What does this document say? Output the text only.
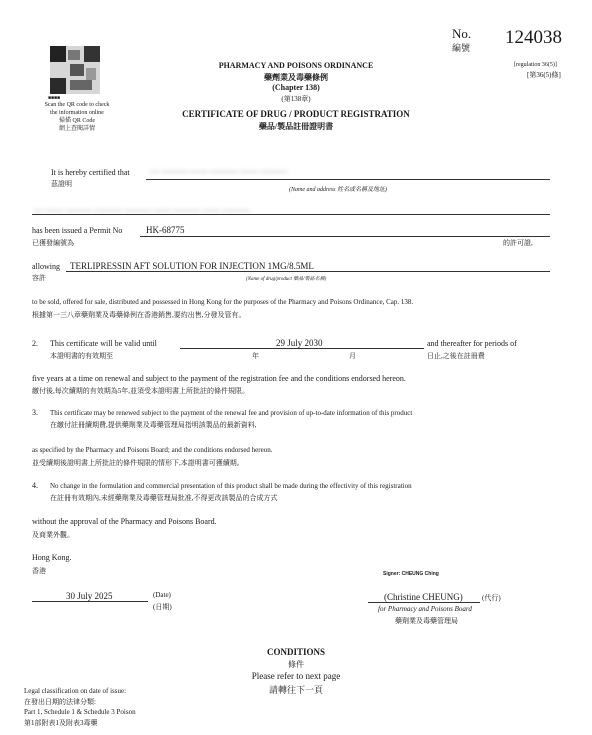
■■■■
Scan the QR code to check
the information online
掃描 QR Code
網上查閱詳情
No.
編號 124038
[regulation 36(5)]
[第36(5)條]
PHARMACY AND POISONS ORDINANCE
藥劑業及毒藥條例
(Chapter 138)
(第138章)
CERTIFICATE OF DRUG / PRODUCT REGISTRATION
藥品/製品註冊證明書
It is hereby certified that
茲證明
— ——— —— ——— —— ———
(Name and address 姓名或名稱及地址)
— —— ——— ——— ——— —— ——— —— ———
has been issued a Permit No	HK-68775
已獲發編號為	的許可證,
allowing
容許
TERLIPRESSIN AFT SOLUTION FOR INJECTION 1MG/8.5ML
(Name of drug/product 藥品/製品名稱)
to be sold, offered for sale, distributed and possessed in Hong Kong for the purposes of the Pharmacy and Poisons Ordinance, Cap. 138.
根據第一三八章藥劑業及毒藥條例在香港銷售,要約出售,分發及管有。
2. This certificate will be valid until	29 July 2030	and thereafter for periods of
本證明書的有效期至	年	月	日止,之後在註冊費
five years at a time on renewal and subject to the payment of the registration fee and the conditions endorsed hereon.
繳付後,每次續期的有效期為5年,並須受本證明書上所批註的條件規限。
3. This certificate may be renewed subject to the payment of the renewal fee and provision of up-to-date information of this product
在繳付註冊續期費,提供藥劑業及毒藥管理局指明該製品的最新資料,
as specified by the Pharmacy and Poisons Board; and the conditions endorsed hereon.
並受續期後證明書上所批註的條件規限的情形下,本證明書可獲續期。
4. No change in the formulation and commercial presentation of this product shall be made during the effectivity of this registration
在註冊有效期內,未經藥劑業及毒藥管理局批准,不得更改該製品的合成方式
without the approval of the Pharmacy and Poisons Board.
及商業外觀。
Hong Kong.
香港
30 July 2025	(Date)
(日期)
Signer: CHEUNG Ching
(Christine CHEUNG)	(代行)
for Pharmacy and Poisons Board
藥劑業及毒藥管理局
CONDITIONS
條件
Please refer to next page
請轉往下一頁
Legal classification on date of issue:
在發出日期的法律分類:
Part 1, Schedule 1 & Schedule 3 Poison
第1部附表1及附表3毒藥
